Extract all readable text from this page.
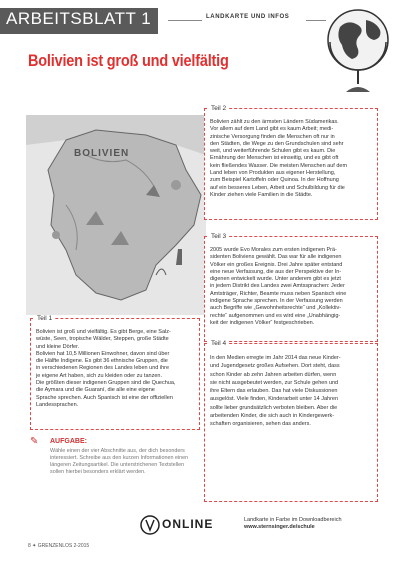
ARBEITSBLATT 1	LANDKARTE UND INFOS
Bolivien ist groß und vielfältig
BOLIVIEN
Teil 2
Bolivien zählt zu den ärmsten Ländern Südamerikas.
Vor allem auf dem Land gibt es kaum Arbeit; medi-
zinische Versorgung finden die Menschen oft nur in
den Städten, die Wege zu den Grundschulen sind sehr
weit, und weiterführende Schulen gibt es kaum. Die
Ernährung der Menschen ist einseitig, und es gibt oft
kein fließendes Wasser. Die meisten Menschen auf dem
Land leben von Produkten aus eigener Herstellung,
zum Beispiel Kartoffeln oder Quinoa. In der Hoffnung
auf ein besseres Leben, Arbeit und Schulbildung für die
Kinder ziehen viele Familien in die Städte.
Teil 3
2005 wurde Evo Morales zum ersten indigenen Prä-
sidenten Boliviens gewählt. Das war für alle indigenen
Völker ein großes Ereignis. Drei Jahre später entstand
eine neue Verfassung, die aus der Perspektive der In-
digenen entwickelt wurde. Unter anderem gibt es jetzt
in jedem Distrikt des Landes zwei Amtssprachen: Jeder
Amtsträger, Richter, Beamte muss neben Spanisch eine
indigene Sprache sprechen. In der Verfassung werden
auch Begriffe wie „Gewohnheitsrechte“ und „Kollektiv-
rechte“ aufgenommen und es wird eine „Unabhängig-
keit der indigenen Völker“ festgeschrieben.
Teil 1
Bolivien ist groß und vielfältig. Es gibt Berge, eine Salz-
wüste, Seen, tropische Wälder, Steppen, große Städte
und kleine Dörfer.
Bolivien hat 10,5 Millionen Einwohner, davon sind über
die Hälfte Indigene. Es gibt 36 ethnische Gruppen, die
in verschiedenen Regionen des Landes leben und ihre
je eigene Art haben, sich zu kleiden oder zu tanzen.
Die größten dieser indigenen Gruppen sind die Quechua,
die Aymara und die Guaraní, die alle eine eigene
Sprache sprechen. Auch Spanisch ist eine der offiziellen
Landessprachen.
Teil 4
In den Medien erregte im Jahr 2014 das neue Kinder-
und Jugendgesetz großes Aufsehen. Dort steht, dass
schon Kinder ab zehn Jahren arbeiten dürfen, wenn
sie nicht ausgebeutet werden, zur Schule gehen und
ihre Eltern das erlauben. Das hat viele Diskussionen
ausgelöst. Viele finden, Kinderarbeit unter 14 Jahren
sollte lieber grundsätzlich verboten bleiben. Aber die
arbeitenden Kinder, die sich auch in Kindergewerk-
schaften organisieren, sehen das anders.
✎ AUFGABE:
Wähle einen der vier Abschnitte aus, der dich besonders interessiert. Schreibe aus den kurzen Informationen einen längeren Zeitungsartikel. Die unterstrichenen Textstellen sollen hierbei besonders erklärt werden.
ONLINE	Landkarte in Farbe im Downloadbereich
www.sternsinger.de/schule
8 ✦ GRENZENLOS 2-2015
